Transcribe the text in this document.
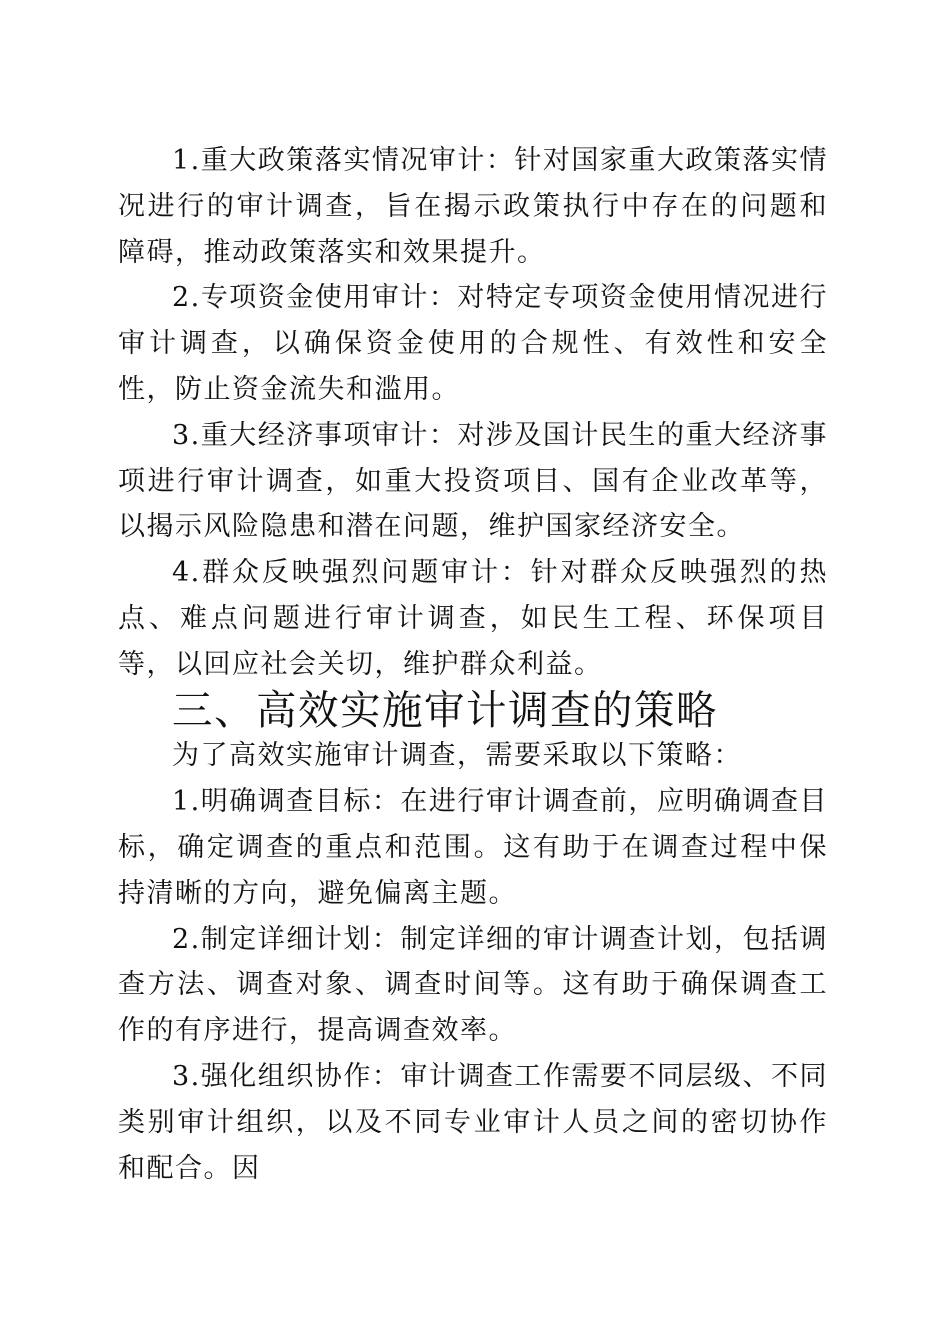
1.重大政策落实情况审计：针对国家重大政策落实情况进行的审计调查，旨在揭示政策执行中存在的问题和障碍，推动政策落实和效果提升。

2.专项资金使用审计：对特定专项资金使用情况进行审计调查，以确保资金使用的合规性、有效性和安全性，防止资金流失和滥用。

3.重大经济事项审计：对涉及国计民生的重大经济事项进行审计调查，如重大投资项目、国有企业改革等，以揭示风险隐患和潜在问题，维护国家经济安全。

4.群众反映强烈问题审计：针对群众反映强烈的热点、难点问题进行审计调查，如民生工程、环保项目等，以回应社会关切，维护群众利益。

三、高效实施审计调查的策略

为了高效实施审计调查，需要采取以下策略：

1.明确调查目标：在进行审计调查前，应明确调查目标，确定调查的重点和范围。这有助于在调查过程中保持清晰的方向，避免偏离主题。

2.制定详细计划：制定详细的审计调查计划，包括调查方法、调查对象、调查时间等。这有助于确保调查工作的有序进行，提高调查效率。

3.强化组织协作：审计调查工作需要不同层级、不同类别审计组织，以及不同专业审计人员之间的密切协作和配合。因
